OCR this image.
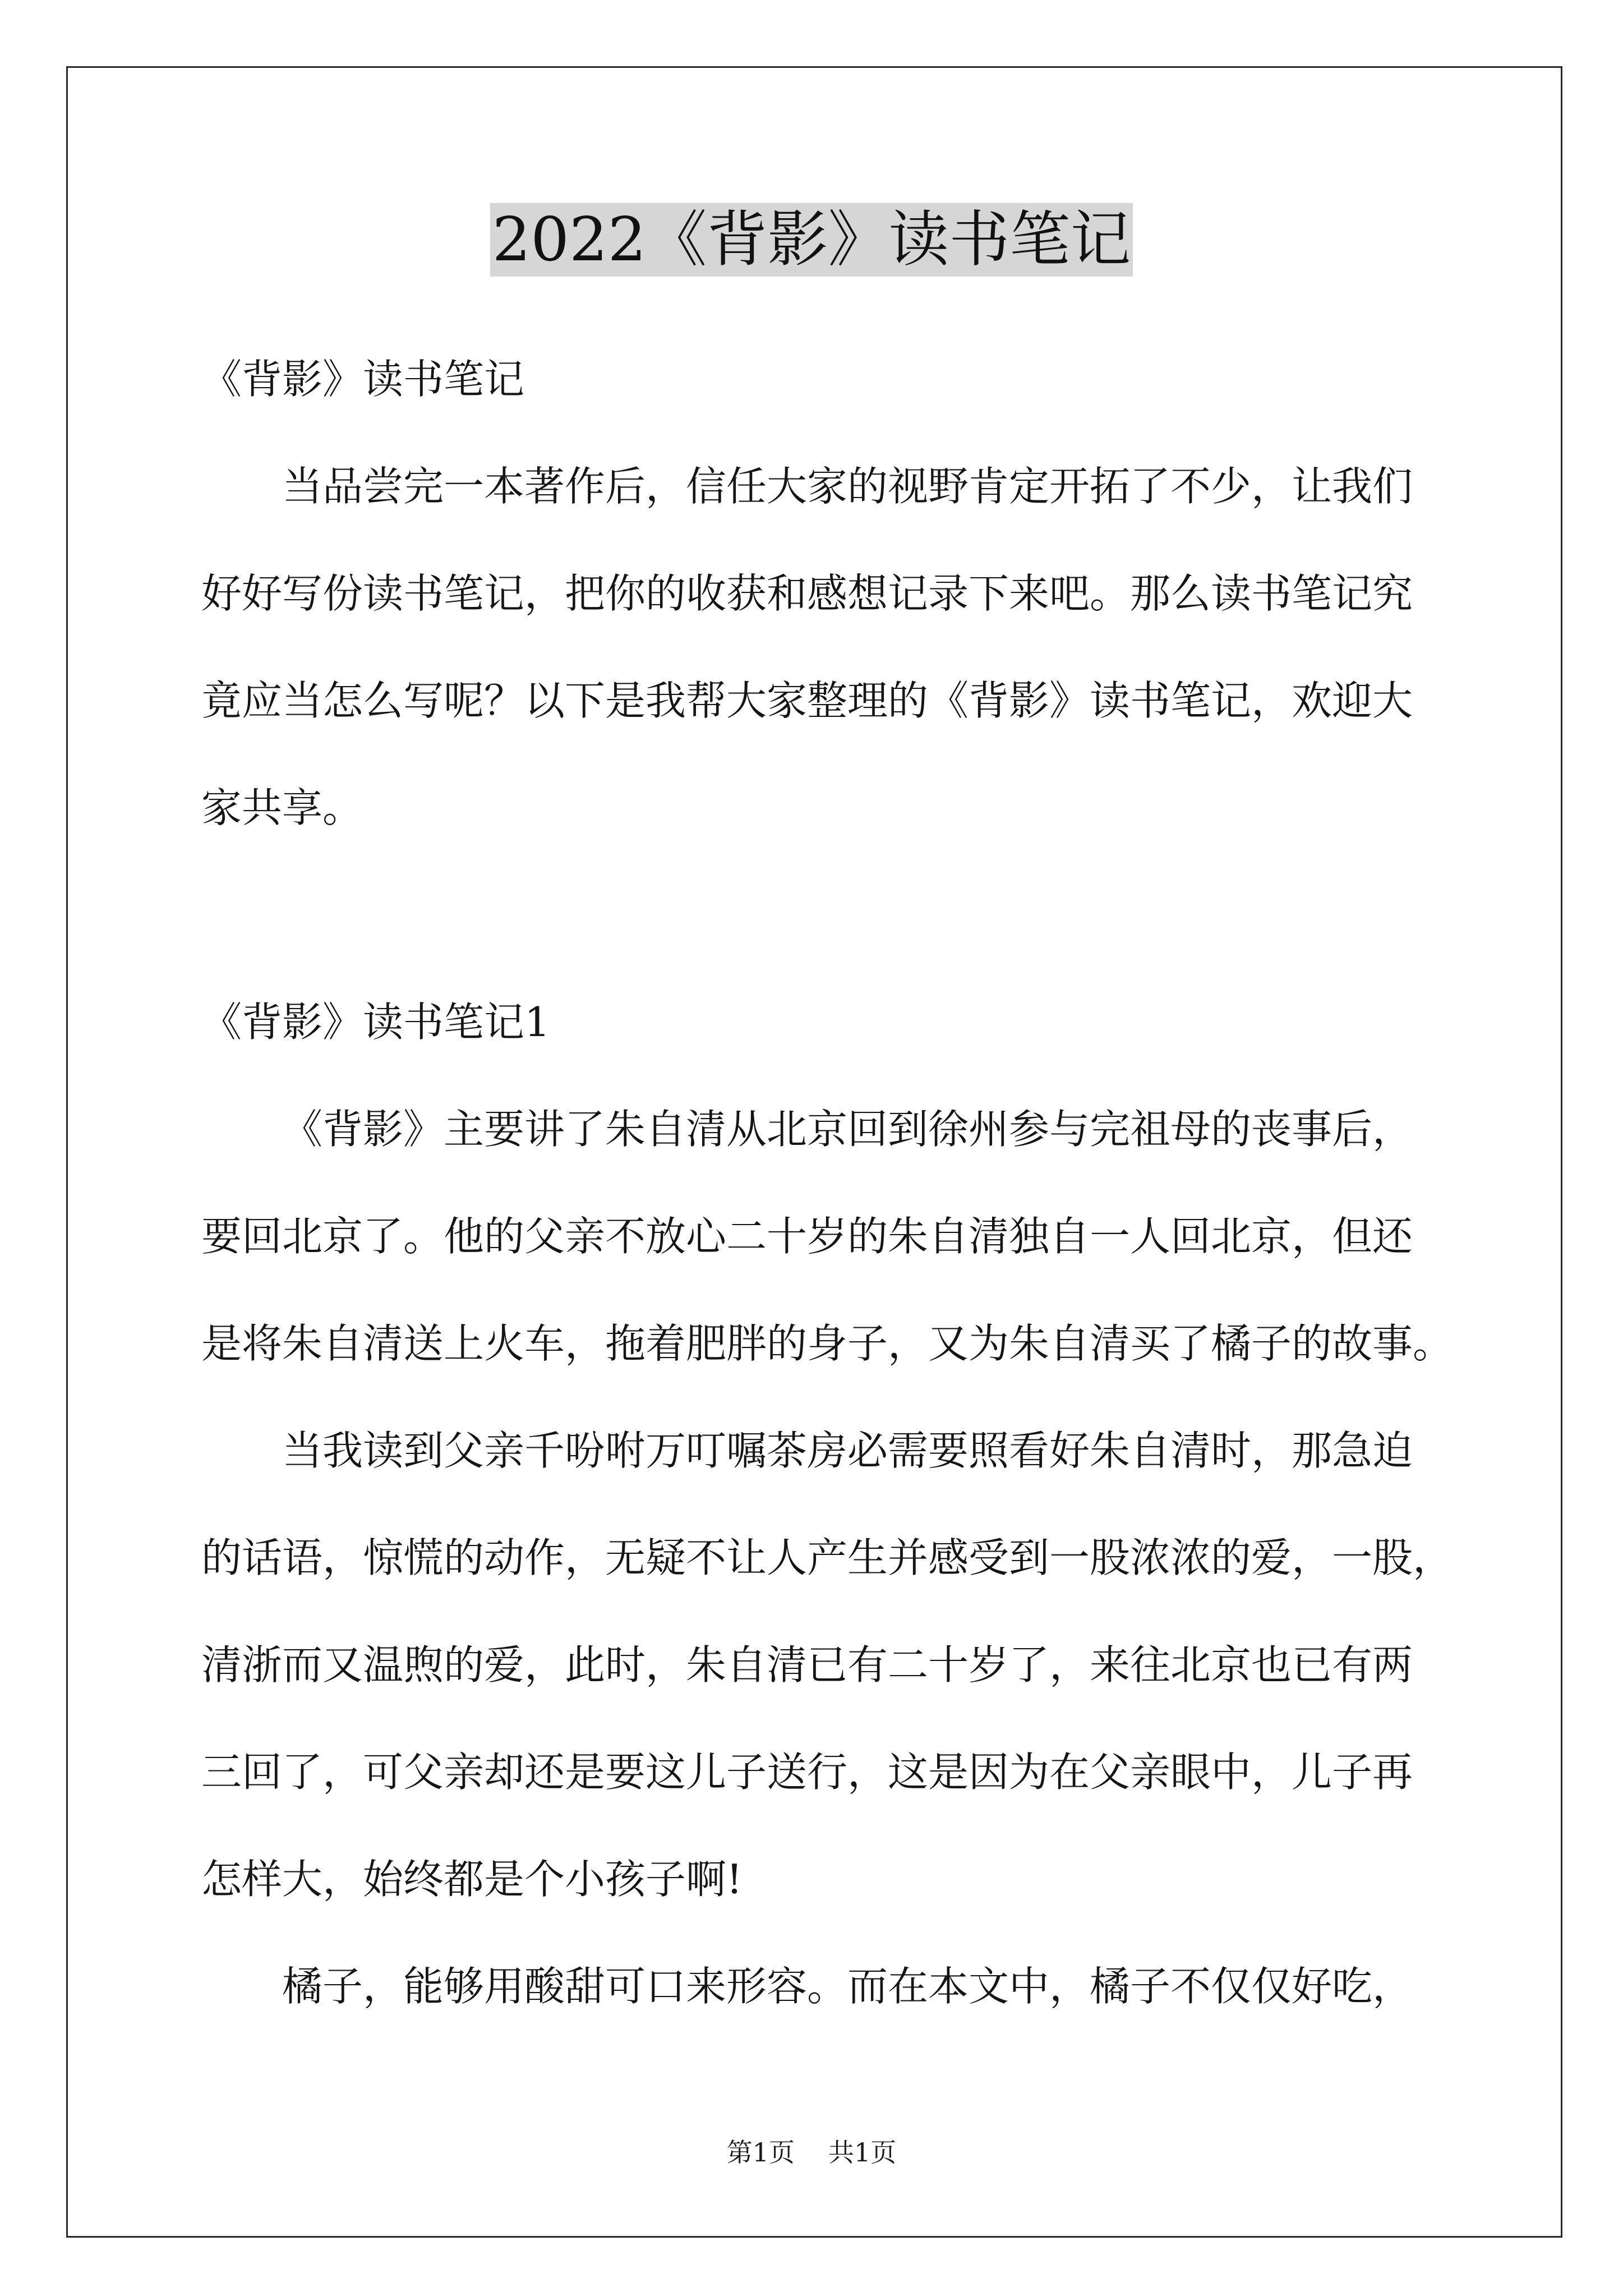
2022《背影》读书笔记
《背影》读书笔记
当品尝完一本著作后，信任大家的视野肯定开拓了不少，让我们
好好写份读书笔记，把你的收获和感想记录下来吧。那么读书笔记究
竟应当怎么写呢？以下是我帮大家整理的《背影》读书笔记，欢迎大
家共享。
《背影》读书笔记1
《背影》主要讲了朱自清从北京回到徐州参与完祖母的丧事后，
要回北京了。他的父亲不放心二十岁的朱自清独自一人回北京，但还
是将朱自清送上火车，拖着肥胖的身子，又为朱自清买了橘子的故事。
当我读到父亲千吩咐万叮嘱茶房必需要照看好朱自清时，那急迫
的话语，惊慌的动作，无疑不让人产生并感受到一股浓浓的爱，一股，
清浙而又温煦的爱，此时，朱自清已有二十岁了，来往北京也已有两
三回了，可父亲却还是要这儿子送行，这是因为在父亲眼中，儿子再
怎样大，始终都是个小孩子啊!
橘子，能够用酸甜可口来形容。而在本文中，橘子不仅仅好吃，
第1页 共1页
